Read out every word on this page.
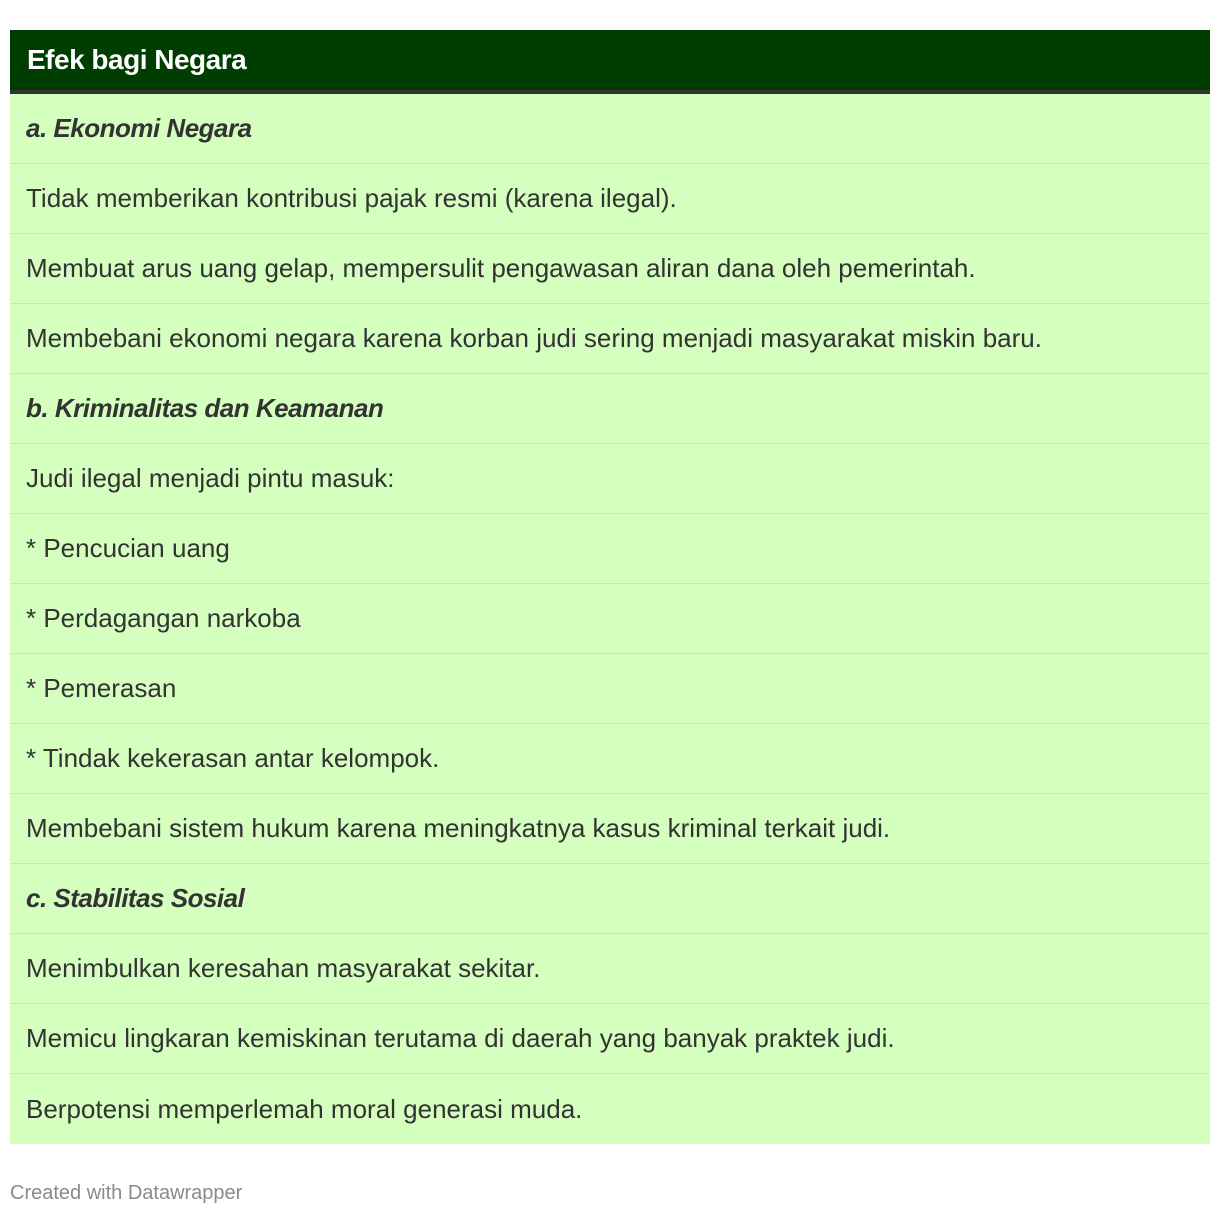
Efek bagi Negara
a. Ekonomi Negara
Tidak memberikan kontribusi pajak resmi (karena ilegal).
Membuat arus uang gelap, mempersulit pengawasan aliran dana oleh pemerintah.
Membebani ekonomi negara karena korban judi sering menjadi masyarakat miskin baru.
b. Kriminalitas dan Keamanan
Judi ilegal menjadi pintu masuk:
* Pencucian uang
* Perdagangan narkoba
* Pemerasan
* Tindak kekerasan antar kelompok.
Membebani sistem hukum karena meningkatnya kasus kriminal terkait judi.
c. Stabilitas Sosial
Menimbulkan keresahan masyarakat sekitar.
Memicu lingkaran kemiskinan terutama di daerah yang banyak praktek judi.
Berpotensi memperlemah moral generasi muda.
Created with Datawrapper
